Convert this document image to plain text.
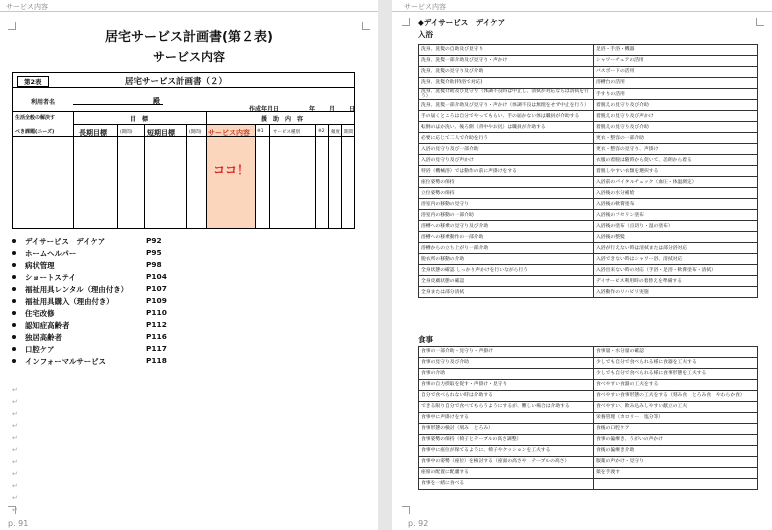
サービス内容
居宅サービス計画書(第２表)
サービス内容
第2表	居宅サービス計画書（２）
利用者名	殿
作成年月日	年 月 日
生活全般の解決す
べき課題(ニーズ)
目　標	援　助　内　容
長期目標	(期間) 短期目標	(期間)
ココ！
サービス内容 ※1 サービス種別	※2 頻度 期間
デイサービス　デイケア	P92
ホームヘルパー	P95
病状管理	P98
ショートステイ	P104
福祉用具レンタル（理由付き） P107
福祉用具購入（理由付き）	P109
住宅改修	P110
認知症高齢者	P112
独居高齢者	P116
口腔ケア	P117
インフォーマルサービス	P118
↵
↵
↵
↵
↵
↵
↵
↵
↵
↵
↵
p. 91
サービス内容
◆デイサービス　デイケア
入浴
洗身、洗髪の自助及び見守り	足浴・手浴・機器
洗身、洗髪一部介助及び見守り・声かけ	シャワーチェアの活用
洗身、洗髪の見守り及び介助	バスボードの活用
洗身、洗髪介助(特浴で対応)	浴槽台の活用
洗身、洗髪介助及び見守り（体調不良時は中止し、清拭が対応ならば清拭を行う）	手すりの活用
洗身、洗髪一部介助及び見守り・声かけ（体調不良は無理をせず中止を行う）	着脱えの見守り及び介助
手の届くところは自分でやってもらい、手の届かない体は職員が介助する	着脱えの見守り及び声かけ
転倒のほか洗い、後ろ側（背中やお尻）は職員が介助する	着脱えの見守り及び介助
必要に応じて二人で介助を行う	更衣・整容の一部介助
入浴の見守り及び一部介助	更衣・整容の見守り、声掛け
入浴の見守り及び声かけ	衣服の着脱は随時から促いて、恙朗から着る
特浴（機械浴）では動作の前に声掛けをする	着脱しやすい衣類を選択する
座位姿勢の保持	入浴前のバイタルチェック（血圧・体温測定）
立位姿勢の保持	入浴後の水分補給
浴室内の移動の見守り	入浴後の軟膏塗布
浴室内の移動の一部介助	入浴後のフセリン塗布
浴槽への移乗の見守り及び介助	入浴後の塗布（点切り・湿の塗布）
浴槽への移乗動作の一部介助	入浴後の整髪
浴槽からの立ち上がり一部介助	入浴が行えない時は清拭または部分浴対応
脱衣所の移動の介助	入浴できない時はシャワー浴、清拭対応
全身状態の確認 しっかり声かけを行いながら行う	入浴出来ない時の対応（手浴・足浴・軟膏塗布・清拭）
全身皮膚状態の確認	デイサービス利用時の着替えを準備する
全身または部分清拭	入浴動作のリハビリ実施
食事
食事の一部介助・見守り・声掛け	食事量・水分量の確認
食事の見守り及び介助	少しでも自分で食べられる様に食器を工夫する
食事の介助	少しでも自分で食べられる様に食事形態を工夫する
食事の自力摂取を促す・声掛け・見守り	食べやすい食器の工夫をする
自分で食べられない時は介助する	食べやすい食事形態の工夫をする（刻み食　とろみ食　やわらか食）
できる限り自分で食べてもらうようにするが、難しい場合は介助する	食べやすい、飲み込みしやすい献立の工夫
食事中に声掛けをする	栄養管理（カロリー　塩分等）
食事形態の検討（刻み　とろみ）	食後の口腔ケア
食事姿勢の保持（椅子とテーブルの高さ調整）	食事の偏療き、うがいの声かけ
食事中に座位が保てるように、椅子やクッションを工夫する	食後の偏療き介助
食事中の姿勢（座位）を検討する（座面の高さや　テーブルの高さ）	服薬の声かけ・見守り
座席の配置に配慮する	薬を手渡す
食事を一緒に食べる	
p. 92
